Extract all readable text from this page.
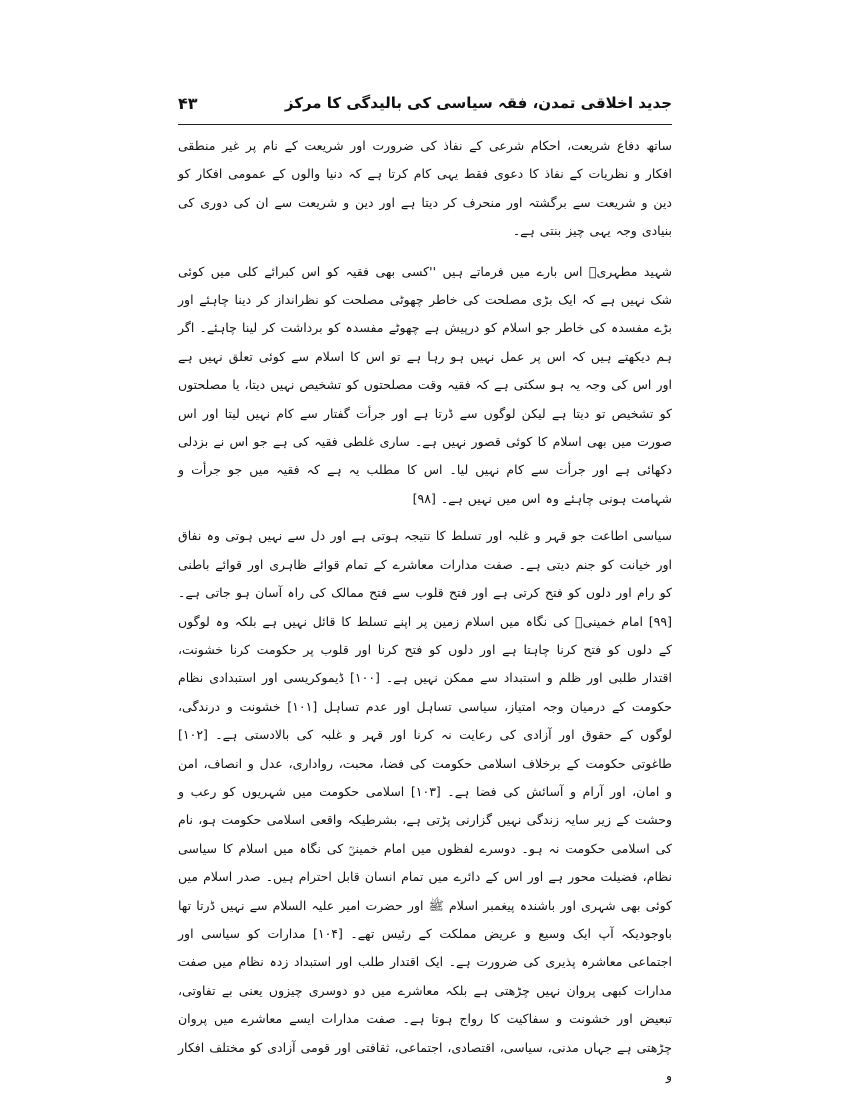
جدید اخلاقی تمدن، فقہ سیاسی کی بالیدگی کا مرکز
۴۳

ساتھ دفاع شریعت، احکام شرعی کے نفاذ کی ضرورت اور شریعت کے نام پر غیر منطقی افکار و نظریات کے نفاذ کا دعوی فقط یہی کام کرتا ہے کہ دنیا والوں کے عمومی افکار کو دین و شریعت سے برگشتہ اور منحرف کر دیتا ہے اور دین و شریعت سے ان کی دوری کی بنیادی وجہ یہی چیز بنتی ہے۔

شہید مطہریؒ اس بارے میں فرماتے ہیں ''کسی بھی فقیہ کو اس کبرائے کلی میں کوئی شک نہیں ہے کہ ایک بڑی مصلحت کی خاطر چھوٹی مصلحت کو نظرانداز کر دینا چاہئے اور بڑے مفسدہ کی خاطر جو اسلام کو درپیش ہے چھوٹے مفسدہ کو برداشت کر لینا چاہئے۔ اگر ہم دیکھتے ہیں کہ اس پر عمل نہیں ہو رہا ہے تو اس کا اسلام سے کوئی تعلق نہیں ہے اور اس کی وجہ یہ ہو سکتی ہے کہ فقیہ وقت مصلحتوں کو تشخیص نہیں دیتا، یا مصلحتوں کو تشخیص تو دیتا ہے لیکن لوگوں سے ڈرتا ہے اور جرأت گفتار سے کام نہیں لیتا اور اس صورت میں بھی اسلام کا کوئی قصور نہیں ہے۔ ساری غلطی فقیہ کی ہے جو اس نے بزدلی دکھائی ہے اور جرأت سے کام نہیں لیا۔ اس کا مطلب یہ ہے کہ فقیہ میں جو جرأت و شہامت ہونی چاہئے وہ اس میں نہیں ہے۔ [۹۸]

سیاسی اطاعت جو قہر و غلبہ اور تسلط کا نتیجہ ہوتی ہے اور دل سے نہیں ہوتی وہ نفاق اور خیانت کو جنم دیتی ہے۔ صفت مدارات معاشرے کے تمام قوائے ظاہری اور قوائے باطنی کو رام اور دلوں کو فتح کرتی ہے اور فتح قلوب سے فتح ممالک کی راہ آسان ہو جاتی ہے۔ [۹۹] امام خمینیؒ کی نگاہ میں اسلام زمین پر اپنے تسلط کا قائل نہیں ہے بلکہ وہ لوگوں کے دلوں کو فتح کرنا چاہتا ہے اور دلوں کو فتح کرنا اور قلوب پر حکومت کرنا خشونت، اقتدار طلبی اور ظلم و استبداد سے ممکن نہیں ہے۔ [۱۰۰] ڈیموکریسی اور استبدادی نظام حکومت کے درمیان وجہ امتیاز، سیاسی تساہل اور عدم تساہل [۱۰۱] خشونت و درندگی، لوگوں کے حقوق اور آزادی کی رعایت نہ کرنا اور قہر و غلبہ کی بالادستی ہے۔ [۱۰۲] طاغوتی حکومت کے برخلاف اسلامی حکومت کی فضا، محبت، رواداری، عدل و انصاف، امن و امان، اور آرام و آسائش کی فضا ہے۔ [۱۰۳] اسلامی حکومت میں شہریوں کو رعب و وحشت کے زیر سایہ زندگی نہیں گزارنی پڑتی ہے، بشرطیکہ واقعی اسلامی حکومت ہو، نام کی اسلامی حکومت نہ ہو۔ دوسرے لفظوں میں امام خمینیؒ کی نگاہ میں اسلام کا سیاسی نظام، فضیلت محور ہے اور اس کے دائرے میں تمام انسان قابل احترام ہیں۔ صدر اسلام میں کوئی بھی شہری اور باشندہ پیغمبر اسلام ﷺ اور حضرت امیر علیہ السلام سے نہیں ڈرتا تھا باوجودیکہ آپ ایک وسیع و عریض مملکت کے رئیس تھے۔ [۱۰۴] مدارات کو سیاسی اور اجتماعی معاشرہ پذیری کی ضرورت ہے۔ ایک اقتدار طلب اور استبداد زدہ نظام میں صفت مدارات کبھی پروان نہیں چڑھتی ہے بلکہ معاشرے میں دو دوسری چیزوں یعنی بے تفاوتی، تبعیض اور خشونت و سفاکیت کا رواج ہوتا ہے۔ صفت مدارات ایسے معاشرے میں پروان چڑھتی ہے جہاں مدنی، سیاسی، اقتصادی، اجتماعی، ثقافتی اور قومی آزادی کو مختلف افکار و
